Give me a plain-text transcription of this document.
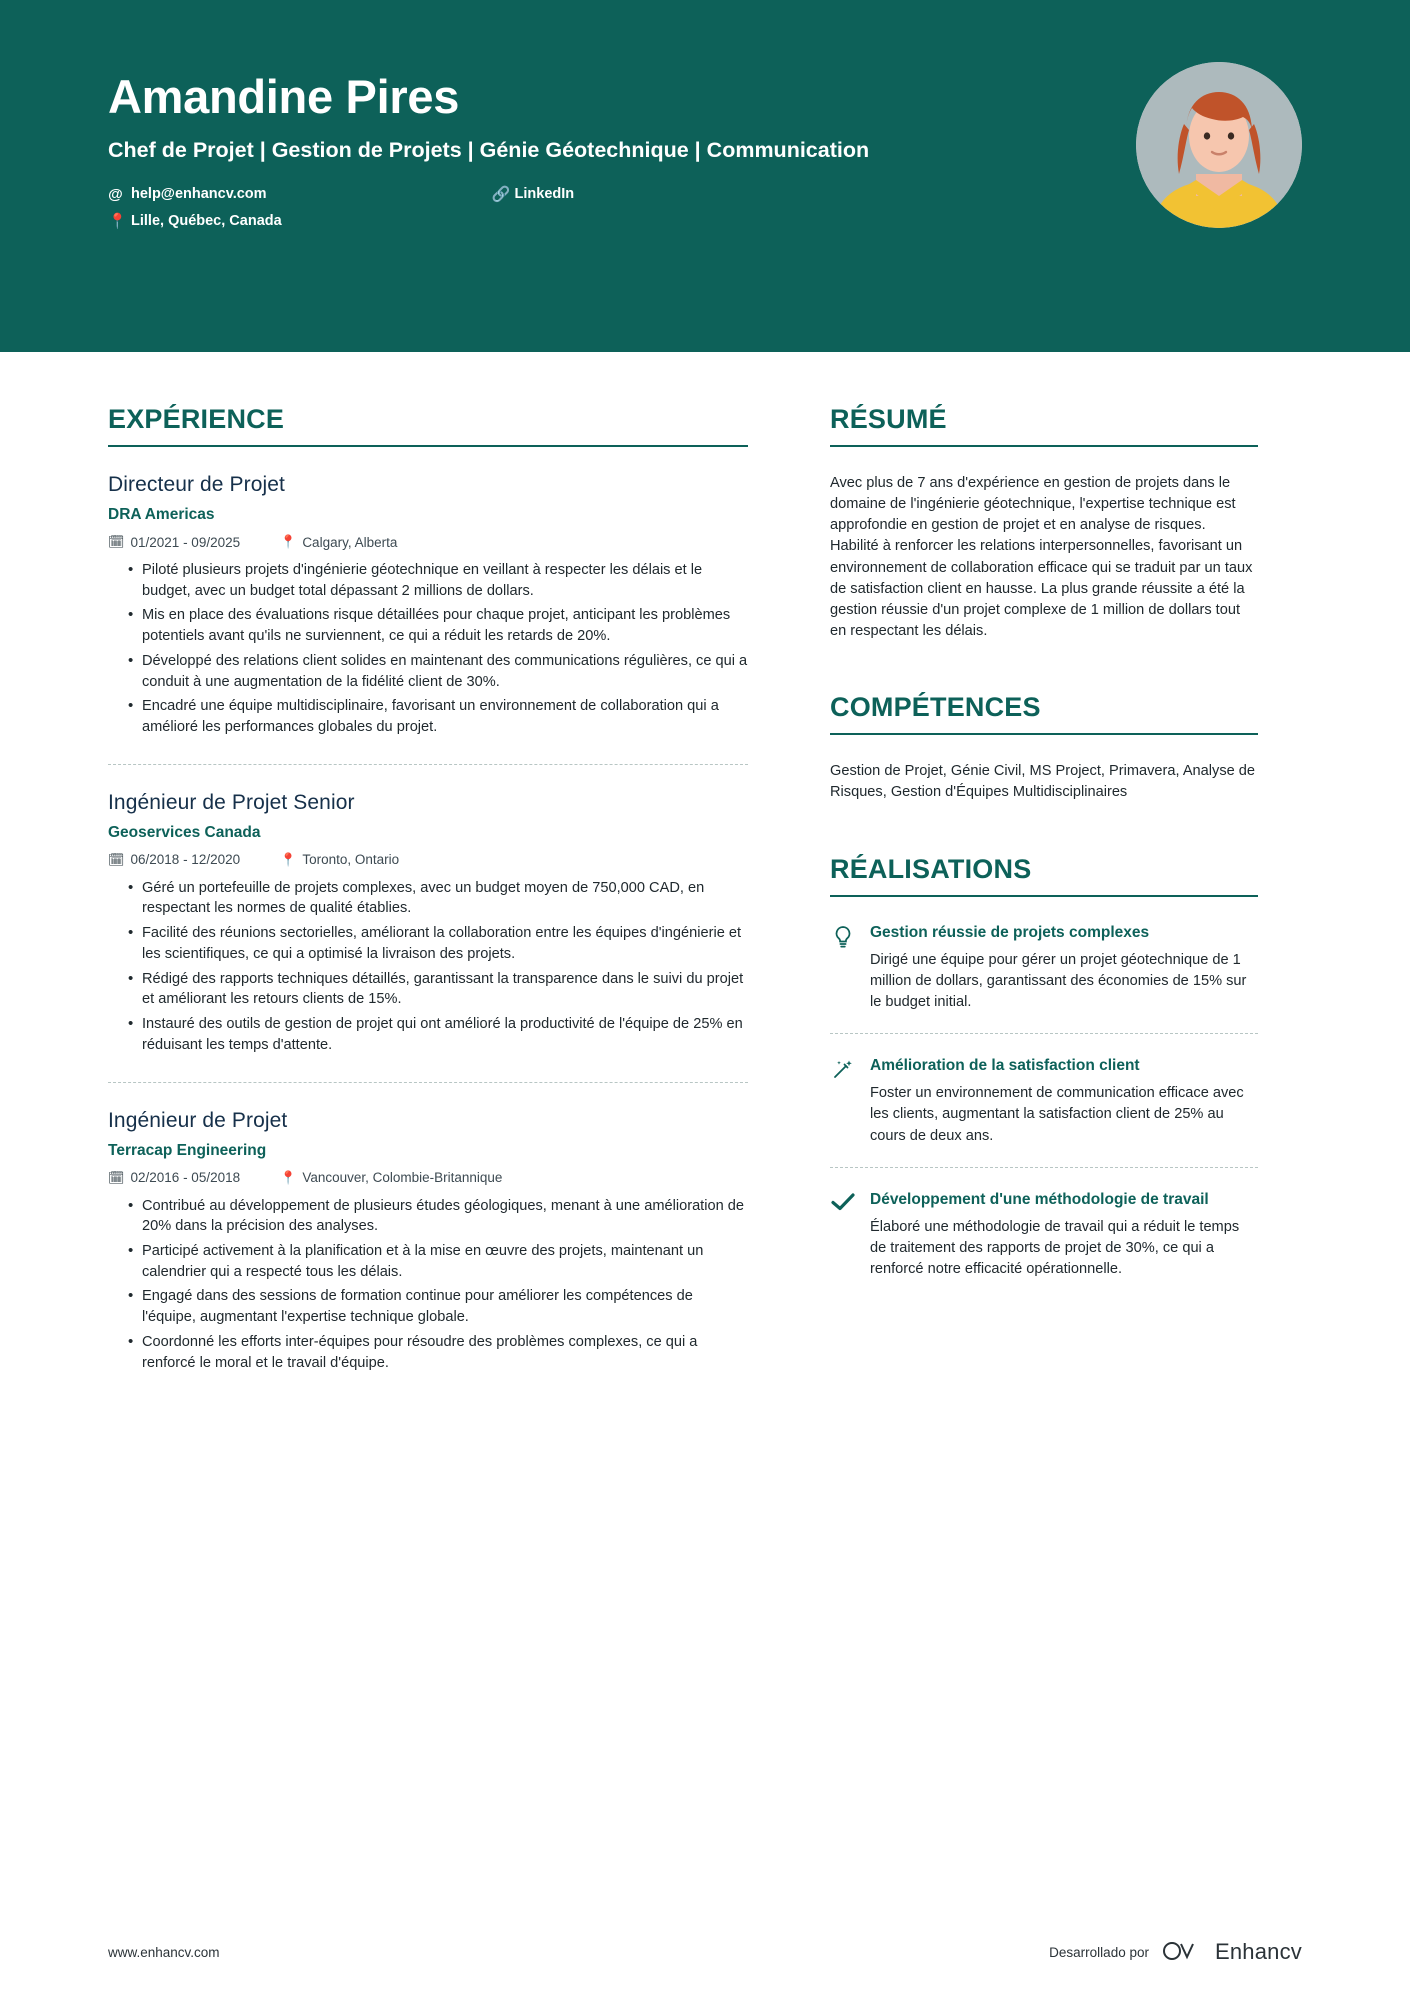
Amandine Pires
Chef de Projet | Gestion de Projets | Génie Géotechnique | Communication
@ help@enhancv.com	🔗 LinkedIn
📍 Lille, Québec, Canada
EXPÉRIENCE
Directeur de Projet
DRA Americas
🗓 01/2021 - 09/2025	📍 Calgary, Alberta
• Piloté plusieurs projets d'ingénierie géotechnique en veillant à respecter les délais et le budget, avec un budget total dépassant 2 millions de dollars.
• Mis en place des évaluations risque détaillées pour chaque projet, anticipant les problèmes potentiels avant qu'ils ne surviennent, ce qui a réduit les retards de 20%.
• Développé des relations client solides en maintenant des communications régulières, ce qui a conduit à une augmentation de la fidélité client de 30%.
• Encadré une équipe multidisciplinaire, favorisant un environnement de collaboration qui a amélioré les performances globales du projet.
Ingénieur de Projet Senior
Geoservices Canada
🗓 06/2018 - 12/2020	📍 Toronto, Ontario
• Géré un portefeuille de projets complexes, avec un budget moyen de 750,000 CAD, en respectant les normes de qualité établies.
• Facilité des réunions sectorielles, améliorant la collaboration entre les équipes d'ingénierie et les scientifiques, ce qui a optimisé la livraison des projets.
• Rédigé des rapports techniques détaillés, garantissant la transparence dans le suivi du projet et améliorant les retours clients de 15%.
• Instauré des outils de gestion de projet qui ont amélioré la productivité de l'équipe de 25% en réduisant les temps d'attente.
Ingénieur de Projet
Terracap Engineering
🗓 02/2016 - 05/2018	📍 Vancouver, Colombie-Britannique
• Contribué au développement de plusieurs études géologiques, menant à une amélioration de 20% dans la précision des analyses.
• Participé activement à la planification et à la mise en œuvre des projets, maintenant un calendrier qui a respecté tous les délais.
• Engagé dans des sessions de formation continue pour améliorer les compétences de l'équipe, augmentant l'expertise technique globale.
• Coordonné les efforts inter-équipes pour résoudre des problèmes complexes, ce qui a renforcé le moral et le travail d'équipe.
RÉSUMÉ
Avec plus de 7 ans d'expérience en gestion de projets dans le domaine de l'ingénierie géotechnique, l'expertise technique est approfondie en gestion de projet et en analyse de risques. Habilité à renforcer les relations interpersonnelles, favorisant un environnement de collaboration efficace qui se traduit par un taux de satisfaction client en hausse. La plus grande réussite a été la gestion réussie d'un projet complexe de 1 million de dollars tout en respectant les délais.
COMPÉTENCES
Gestion de Projet, Génie Civil, MS Project, Primavera, Analyse de Risques, Gestion d'Équipes Multidisciplinaires
RÉALISATIONS
Gestion réussie de projets complexes
Dirigé une équipe pour gérer un projet géotechnique de 1 million de dollars, garantissant des économies de 15% sur le budget initial.
Amélioration de la satisfaction client
Foster un environnement de communication efficace avec les clients, augmentant la satisfaction client de 25% au cours de deux ans.
Développement d'une méthodologie de travail
Élaboré une méthodologie de travail qui a réduit le temps de traitement des rapports de projet de 30%, ce qui a renforcé notre efficacité opérationnelle.
www.enhancv.com	Desarrollado por	Enhancv
